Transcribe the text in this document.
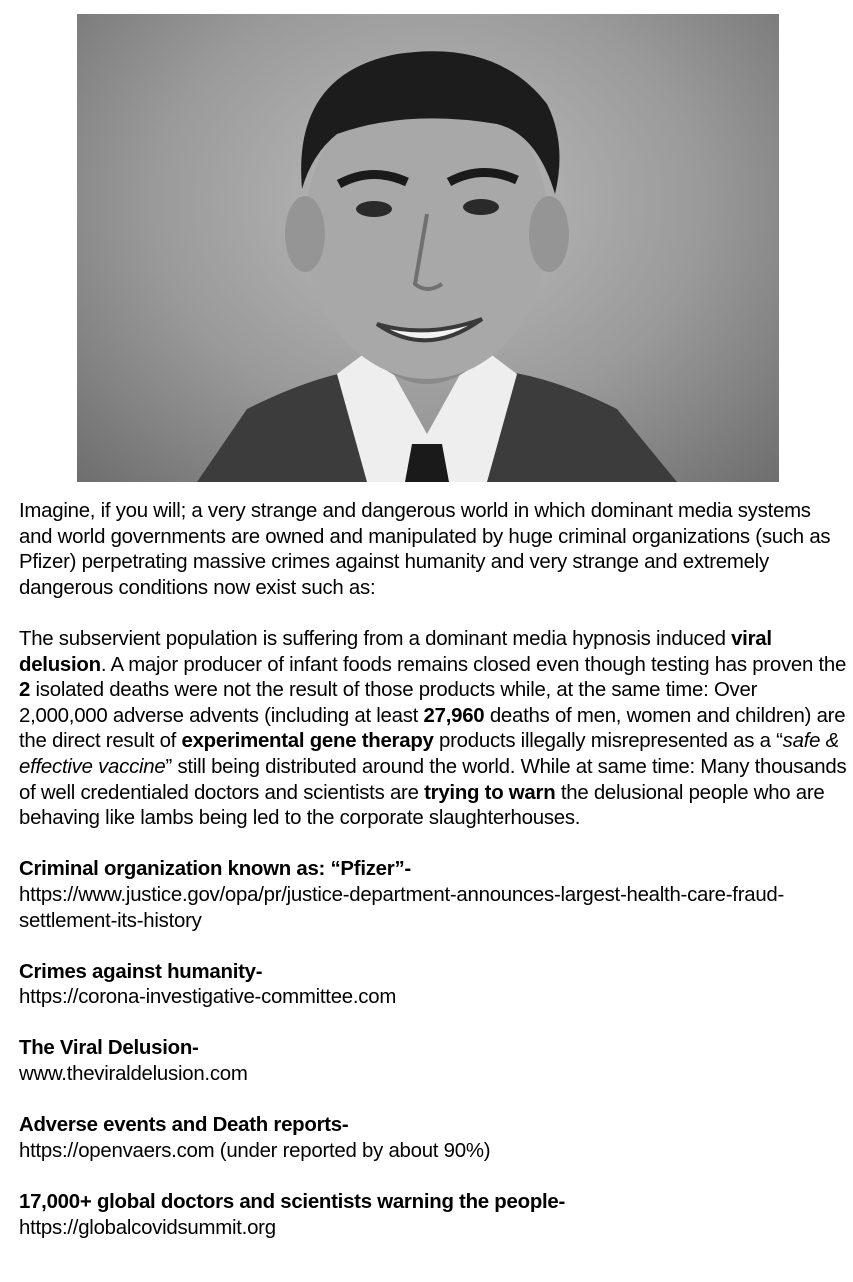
Imagine, if you will; a very strange and dangerous world in which dominant media systems and world governments are owned and manipulated by huge criminal organizations (such as Pfizer) perpetrating massive crimes against humanity and very strange and extremely dangerous conditions now exist such as:

The subservient population is suffering from a dominant media hypnosis induced viral delusion. A major producer of infant foods remains closed even though testing has proven the 2 isolated deaths were not the result of those products while, at the same time: Over 2,000,000 adverse advents (including at least 27,960 deaths of men, women and children) are the direct result of experimental gene therapy products illegally misrepresented as a “safe & effective vaccine” still being distributed around the world. While at same time: Many thousands of well credentialed doctors and scientists are trying to warn the delusional people who are behaving like lambs being led to the corporate slaughterhouses.

Criminal organization known as: “Pfizer”-
https://www.justice.gov/opa/pr/justice-department-announces-largest-health-care-fraud-settlement-its-history

Crimes against humanity-
https://corona-investigative-committee.com

The Viral Delusion-
www.theviraldelusion.com

Adverse events and Death reports-
https://openvaers.com (under reported by about 90%)

17,000+ global doctors and scientists warning the people-
https://globalcovidsummit.org
